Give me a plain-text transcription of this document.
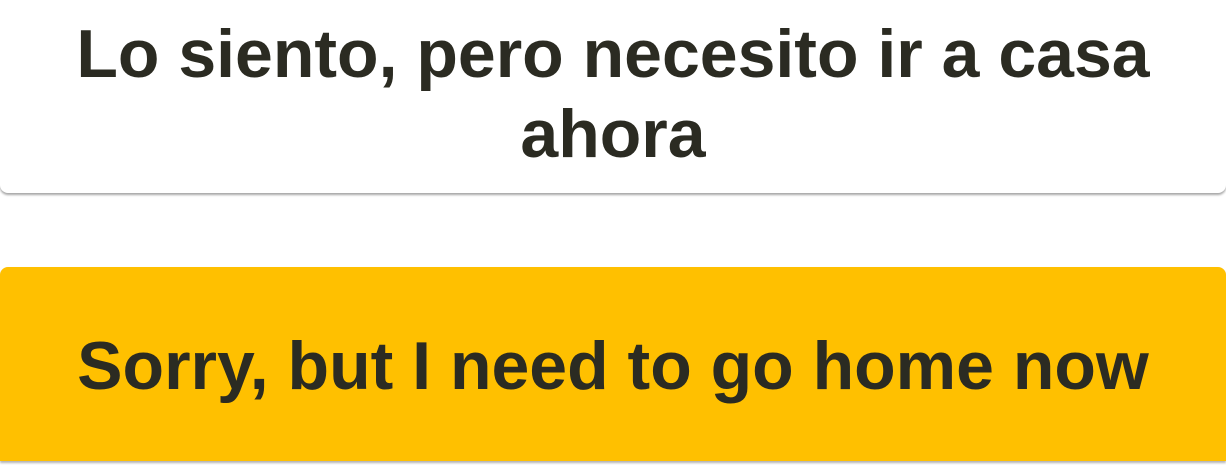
Lo siento, pero necesito ir a casa ahora
Sorry, but I need to go home now
